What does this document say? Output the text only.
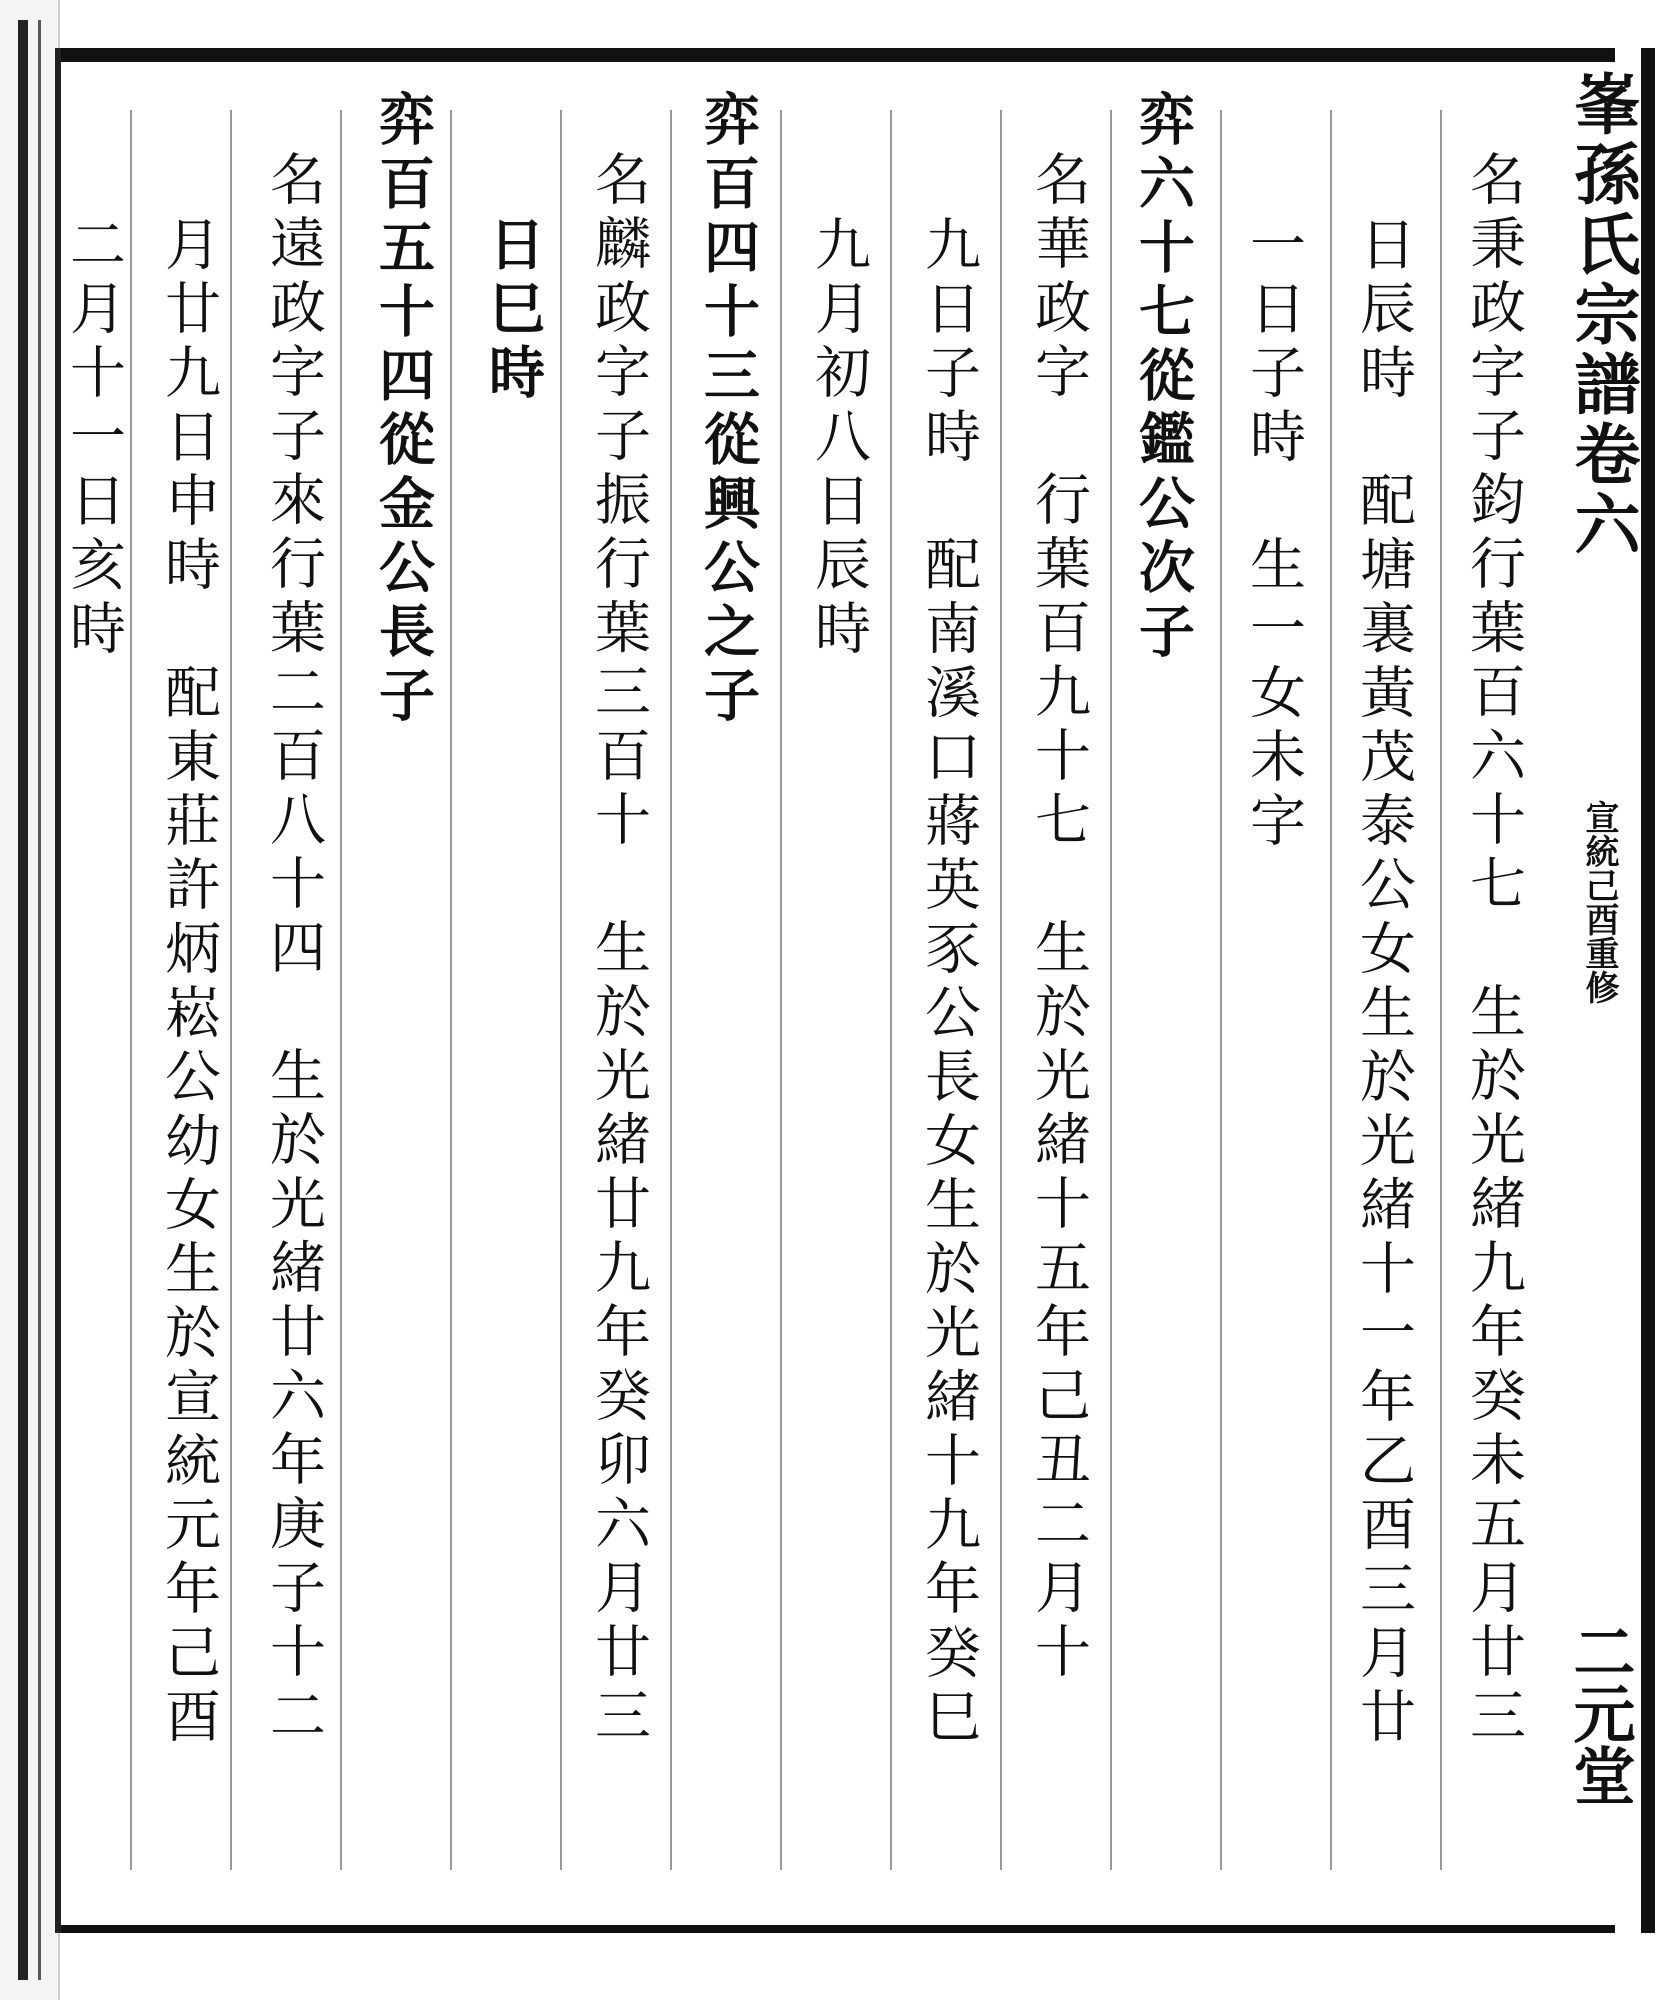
峯孫氏宗譜卷六
宣統己酉重修
二元堂
名秉政字子鈞行葉百六十七　生於光緒九年癸未五月廿三
日辰時　配塘裏黃茂泰公女生於光緒十一年乙酉三月廿
一日子時　生一女未字
弈六十七從鑑公次子
名華政字　行葉百九十七　生於光緒十五年己丑二月十
九日子時　配南溪口蔣英豕公長女生於光緒十九年癸巳
九月初八日辰時
弈百四十三從興公之子
名麟政字子振行葉三百十　生於光緒廿九年癸卯六月廿三
日巳時
弈百五十四從金公長子
名遠政字子來行葉二百八十四　生於光緒廿六年庚子十二
月廿九日申時　配東莊許炳崧公幼女生於宣統元年己酉
二月十一日亥時
